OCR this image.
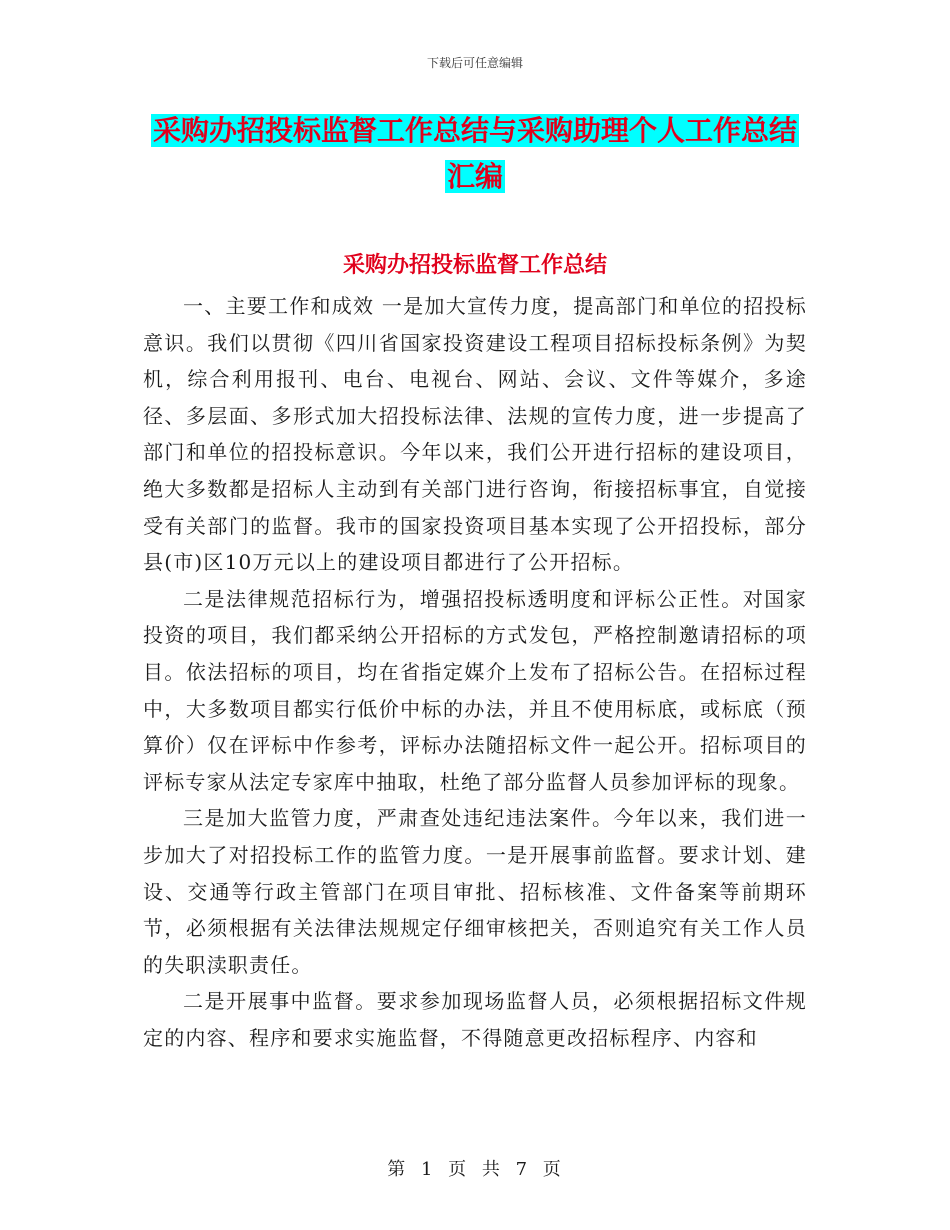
下载后可任意编辑
采购办招投标监督工作总结与采购助理个人工作总结
汇编
采购办招投标监督工作总结

一、主要工作和成效 一是加大宣传力度，提高部门和单位的招投标意识。我们以贯彻《四川省国家投资建设工程项目招标投标条例》为契机，综合利用报刊、电台、电视台、网站、会议、文件等媒介，多途径、多层面、多形式加大招投标法律、法规的宣传力度，进一步提高了部门和单位的招投标意识。今年以来，我们公开进行招标的建设项目，绝大多数都是招标人主动到有关部门进行咨询，衔接招标事宜，自觉接受有关部门的监督。我市的国家投资项目基本实现了公开招投标，部分县(市)区10万元以上的建设项目都进行了公开招标。

二是法律规范招标行为，增强招投标透明度和评标公正性。对国家投资的项目，我们都采纳公开招标的方式发包，严格控制邀请招标的项目。依法招标的项目，均在省指定媒介上发布了招标公告。在招标过程中，大多数项目都实行低价中标的办法，并且不使用标底，或标底（预算价）仅在评标中作参考，评标办法随招标文件一起公开。招标项目的评标专家从法定专家库中抽取，杜绝了部分监督人员参加评标的现象。

三是加大监管力度，严肃查处违纪违法案件。今年以来，我们进一步加大了对招投标工作的监管力度。一是开展事前监督。要求计划、建设、交通等行政主管部门在项目审批、招标核准、文件备案等前期环节，必须根据有关法律法规规定仔细审核把关，否则追究有关工作人员的失职渎职责任。

二是开展事中监督。要求参加现场监督人员，必须根据招标文件规定的内容、程序和要求实施监督，不得随意更改招标程序、内容和

第 1 页 共 7 页
